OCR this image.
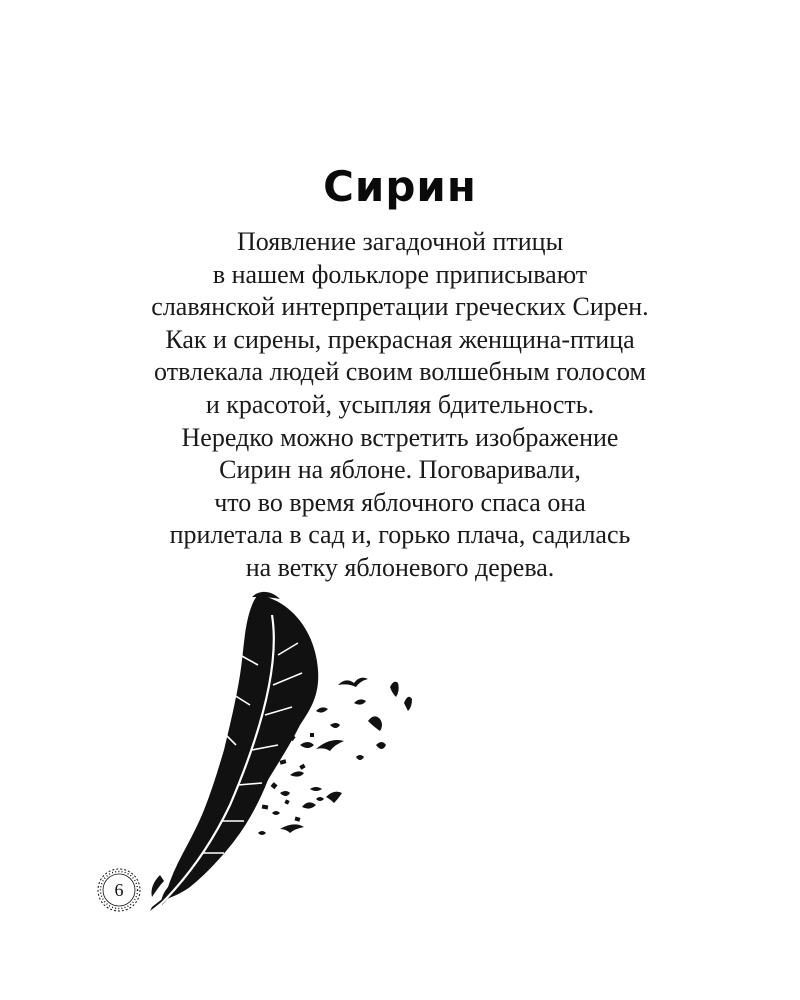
Сирин
Появление загадочной птицы
в нашем фольклоре приписывают
славянской интерпретации греческих Сирен.
Как и сирены, прекрасная женщина-птица
отвлекала людей своим волшебным голосом
и красотой, усыпляя бдительность.
Нередко можно встретить изображение
Сирин на яблоне. Поговаривали,
что во время яблочного спаса она
прилетала в сад и, горько плача, садилась
на ветку яблоневого дерева.
6
